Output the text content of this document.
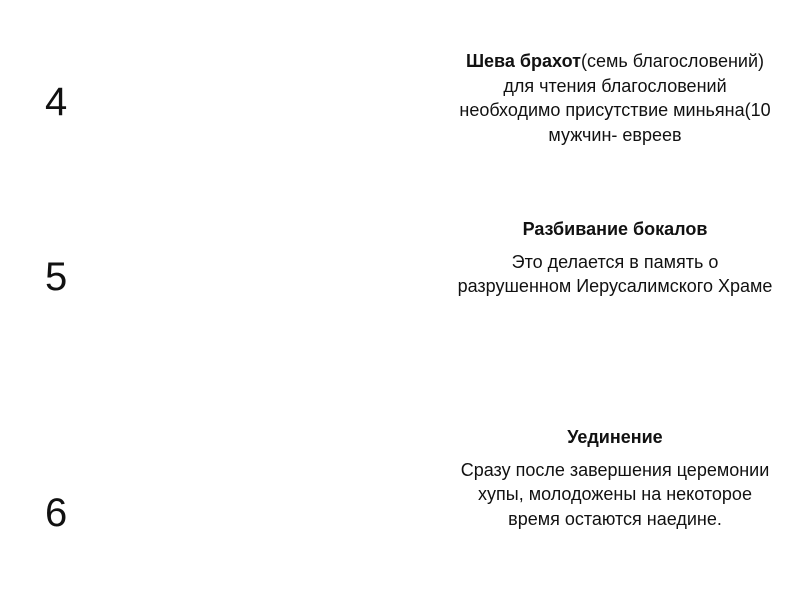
4
Шева брахот(семь благословений) для чтения благословений необходимо присутствие миньяна(10 мужчин- евреев
5
Разбивание бокалов
Это делается в память о разрушенном Иерусалимского Храме
6
Уединение
Сразу после завершения церемонии хупы, молодожены на некоторое время остаются наедине.
